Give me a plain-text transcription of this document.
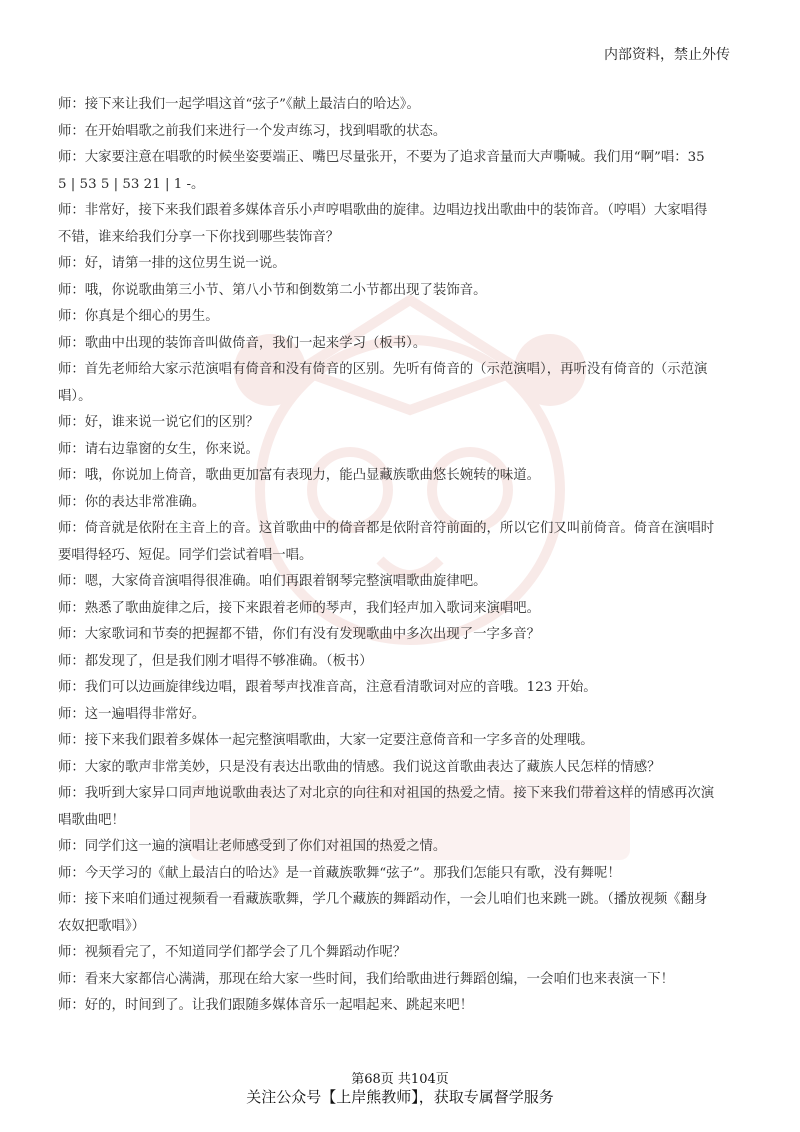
内部资料，禁止外传

师：接下来让我们一起学唱这首“弦子”《献上最洁白的哈达》。

师：在开始唱歌之前我们来进行一个发声练习，找到唱歌的状态。

师：大家要注意在唱歌的时候坐姿要端正、嘴巴尽量张开，不要为了追求音量而大声嘶喊。我们用“啊”唱：35

5 | 53 5 | 53 21 | 1 -。

师：非常好，接下来我们跟着多媒体音乐小声哼唱歌曲的旋律。边唱边找出歌曲中的装饰音。（哼唱）大家唱得

不错，谁来给我们分享一下你找到哪些装饰音？

师：好，请第一排的这位男生说一说。

师：哦，你说歌曲第三小节、第八小节和倒数第二小节都出现了装饰音。

师：你真是个细心的男生。

师：歌曲中出现的装饰音叫做倚音，我们一起来学习（板书）。

师：首先老师给大家示范演唱有倚音和没有倚音的区别。先听有倚音的（示范演唱），再听没有倚音的（示范演

唱）。

师：好，谁来说一说它们的区别？

师：请右边靠窗的女生，你来说。

师：哦，你说加上倚音，歌曲更加富有表现力，能凸显藏族歌曲悠长婉转的味道。

师：你的表达非常准确。

师：倚音就是依附在主音上的音。这首歌曲中的倚音都是依附音符前面的，所以它们又叫前倚音。倚音在演唱时

要唱得轻巧、短促。同学们尝试着唱一唱。

师：嗯，大家倚音演唱得很准确。咱们再跟着钢琴完整演唱歌曲旋律吧。

师：熟悉了歌曲旋律之后，接下来跟着老师的琴声，我们轻声加入歌词来演唱吧。

师：大家歌词和节奏的把握都不错，你们有没有发现歌曲中多次出现了一字多音？

师：都发现了，但是我们刚才唱得不够准确。（板书）

师：我们可以边画旋律线边唱，跟着琴声找准音高，注意看清歌词对应的音哦。123 开始。

师：这一遍唱得非常好。

师：接下来我们跟着多媒体一起完整演唱歌曲，大家一定要注意倚音和一字多音的处理哦。

师：大家的歌声非常美妙，只是没有表达出歌曲的情感。我们说这首歌曲表达了藏族人民怎样的情感？

师：我听到大家异口同声地说歌曲表达了对北京的向往和对祖国的热爱之情。接下来我们带着这样的情感再次演

唱歌曲吧！

师：同学们这一遍的演唱让老师感受到了你们对祖国的热爱之情。

师：今天学习的《献上最洁白的哈达》是一首藏族歌舞“弦子”。那我们怎能只有歌，没有舞呢！

师：接下来咱们通过视频看一看藏族歌舞，学几个藏族的舞蹈动作，一会儿咱们也来跳一跳。（播放视频《翻身

农奴把歌唱》）

师：视频看完了，不知道同学们都学会了几个舞蹈动作呢？

师：看来大家都信心满满，那现在给大家一些时间，我们给歌曲进行舞蹈创编，一会咱们也来表演一下！

师：好的，时间到了。让我们跟随多媒体音乐一起唱起来、跳起来吧！

第68页 共104页
关注公众号【上岸熊教师】，获取专属督学服务
